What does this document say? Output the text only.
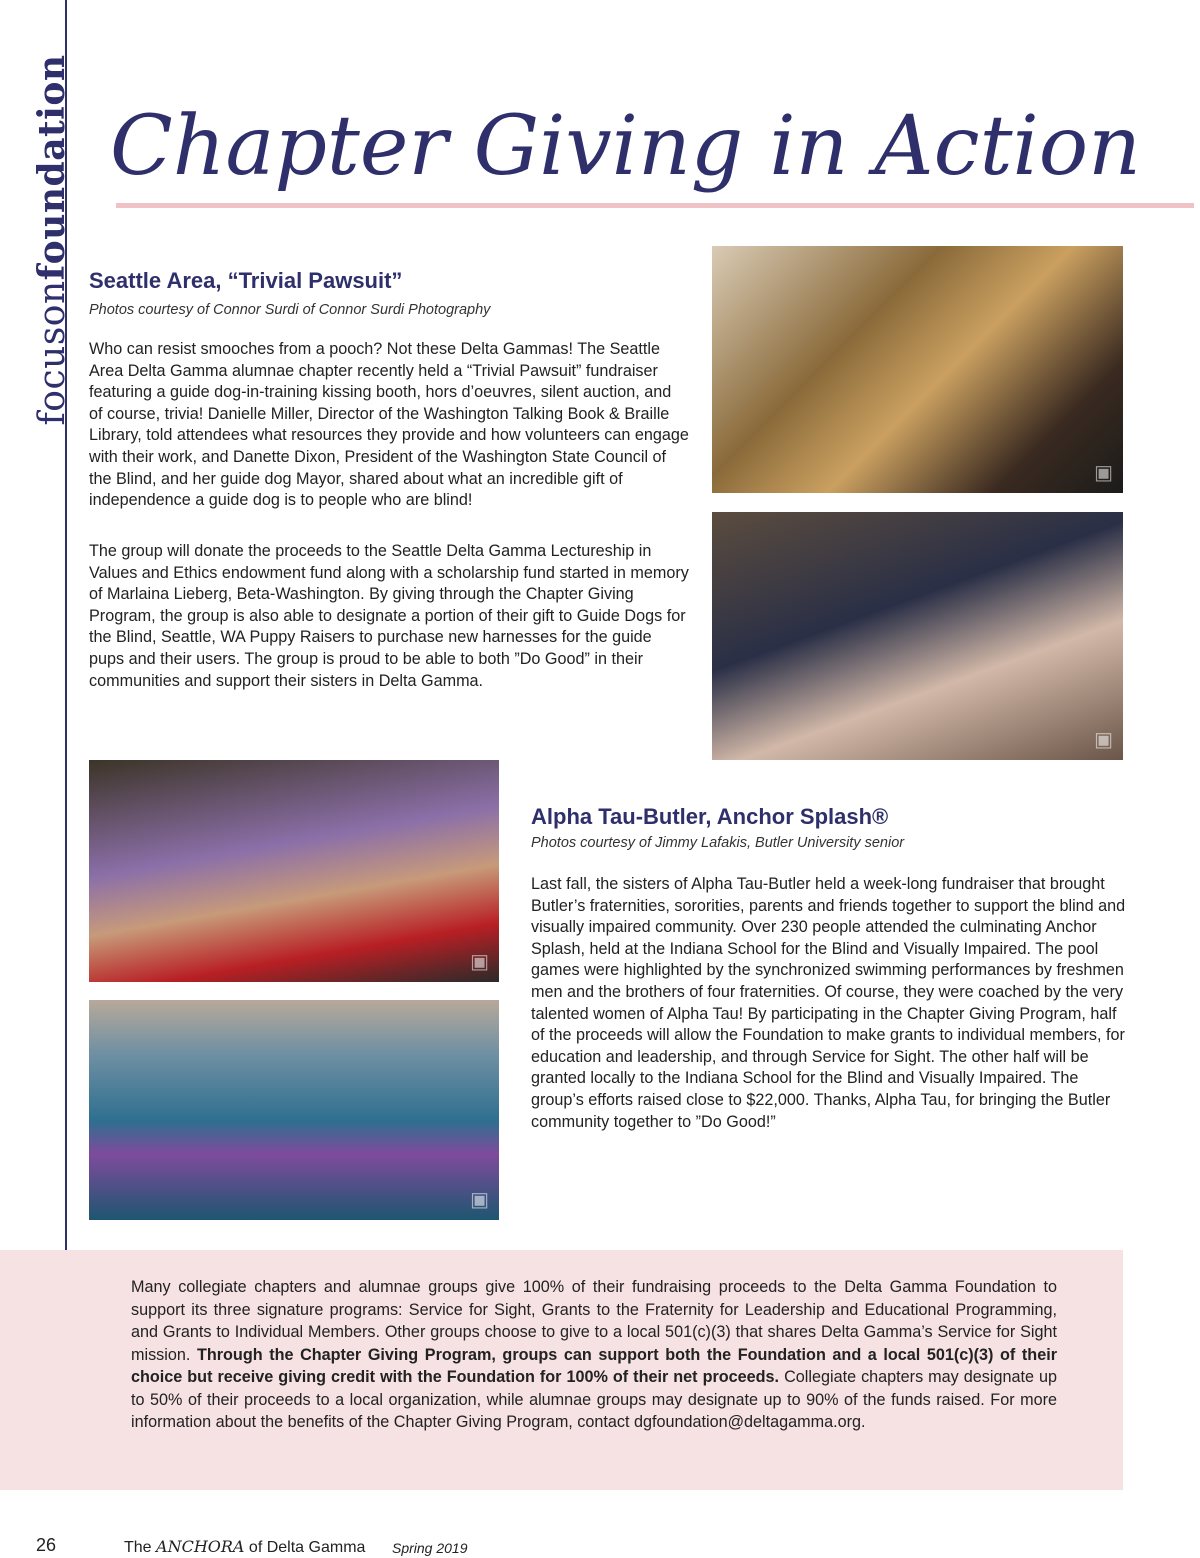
focusonfoundation Chapter Giving in Action
▣
▣
Seattle Area, “Trivial Pawsuit”

Photos courtesy of Connor Surdi of Connor Surdi Photography

Who can resist smooches from a pooch? Not these Delta Gammas! The Seattle Area Delta Gamma alumnae chapter recently held a “Trivial Pawsuit” fundraiser featuring a guide dog-in-training kissing booth, hors d’oeuvres, silent auction, and of course, trivia! Danielle Miller, Director of the Washington Talking Book & Braille Library, told attendees what resources they provide and how volunteers can engage with their work, and Danette Dixon, President of the Washington State Council of the Blind, and her guide dog Mayor, shared about what an incredible gift of independence a guide dog is to people who are blind!

The group will donate the proceeds to the Seattle Delta Gamma Lectureship in Values and Ethics endowment fund along with a scholarship fund started in memory of Marlaina Lieberg, Beta-Washington. By giving through the Chapter Giving Program, the group is also able to designate a portion of their gift to Guide Dogs for the Blind, Seattle, WA Puppy Raisers to purchase new harnesses for the guide pups and their users. The group is proud to be able to both ”Do Good” in their communities and support their sisters in Delta Gamma.

▣
▣
Alpha Tau-Butler, Anchor Splash®

Photos courtesy of Jimmy Lafakis, Butler University senior

Last fall, the sisters of Alpha Tau-Butler held a week-long fundraiser that brought Butler’s fraternities, sororities, parents and friends together to support the blind and visually impaired community. Over 230 people attended the culminating Anchor Splash, held at the Indiana School for the Blind and Visually Impaired. The pool games were highlighted by the synchronized swimming performances by freshmen men and the brothers of four fraternities. Of course, they were coached by the very talented women of Alpha Tau! By participating in the Chapter Giving Program, half of the proceeds will allow the Foundation to make grants to individual members, for education and leadership, and through Service for Sight. The other half will be granted locally to the Indiana School for the Blind and Visually Impaired. The group’s efforts raised close to $22,000. Thanks, Alpha Tau, for bringing the Butler community together to ”Do Good!”

Many collegiate chapters and alumnae groups give 100% of their fundraising proceeds to the Delta Gamma Foundation to support its three signature programs: Service for Sight, Grants to the Fraternity for Leadership and Educational Programming, and Grants to Individual Members. Other groups choose to give to a local 501(c)(3) that shares Delta Gamma’s Service for Sight mission. Through the Chapter Giving Program, groups can support both the Foundation and a local 501(c)(3) of their choice but receive giving credit with the Foundation for 100% of their net proceeds. Collegiate chapters may designate up to 50% of their proceeds to a local organization, while alumnae groups may designate up to 90% of the funds raised. For more information about the benefits of the Chapter Giving Program, contact dgfoundation@deltagamma.org.

26	The ANCHORA of Delta Gamma Spring 2019
